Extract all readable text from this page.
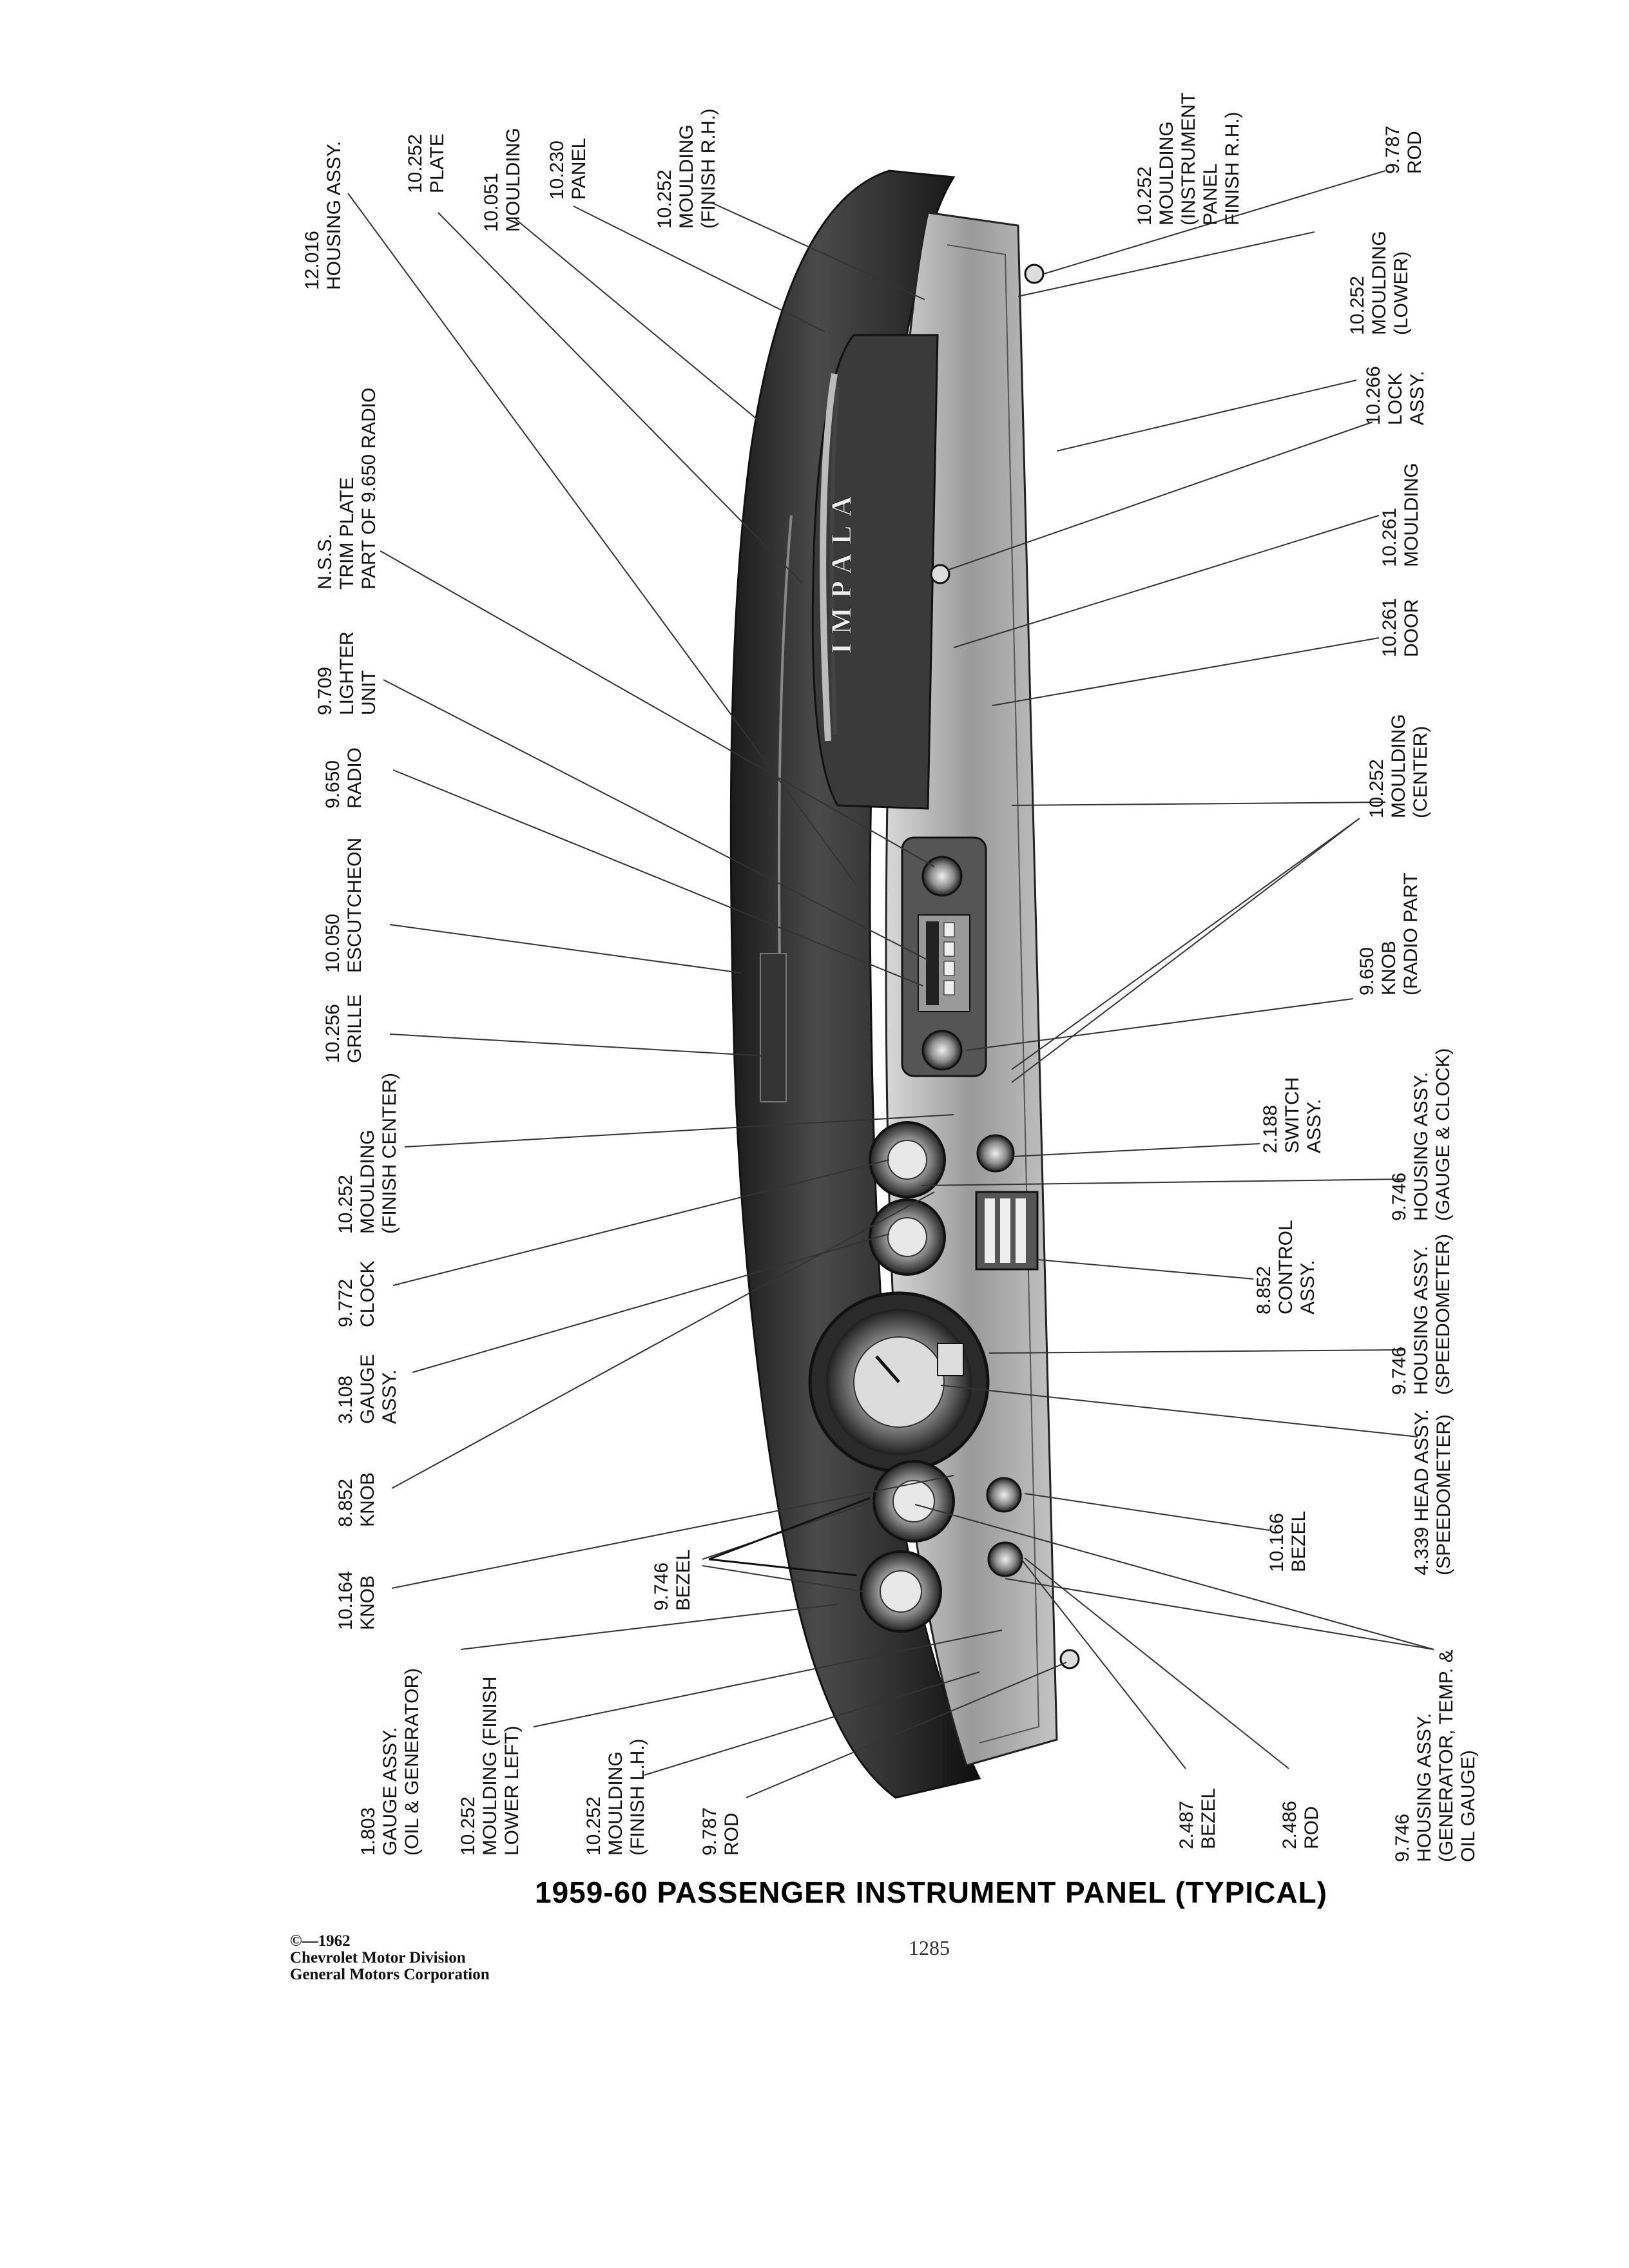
IMPALA
12.016 HOUSING ASSY.	10.252 PLATE
10.051 MOULDING 10.230 PANEL	10.252 MOULDING (FINISH R.H.)
N.S.S. TRIM PLATE PART OF 9.650 RADIO
9.709 LIGHTER UNIT
9.650 RADIO
10.050 ESCUTCHEON
10.256 GRILLE
10.252 MOULDING (FINISH CENTER)
9.772 CLOCK
3.108 GAUGE ASSY.
8.852 KNOB
10.164 KNOB	9.746 BEZEL
1.803 GAUGE ASSY. (OIL & GENERATOR) 10.252 MOULDING (FINISH LOWER LEFT)	10.252 MOULDING (FINISH L.H.)	9.787 ROD
10.252 MOULDING (INSTRUMENT PANEL FINISH R.H.)	9.787 ROD
10.252 MOULDING (LOWER)
10.266 LOCK ASSY.
10.261 MOULDING
10.261 DOOR
10.252 MOULDING (CENTER)
9.650 KNOB (RADIO PART
2.188 SWITCH ASSY.
9.746 HOUSING ASSY. (GAUGE & CLOCK)
8.852 CONTROL ASSY.
9.746 HOUSING ASSY. (SPEEDOMETER)
4.339 HEAD ASSY. (SPEEDOMETER)
10.166 BEZEL
2.487 BEZEL	2.486 ROD	9.746 HOUSING ASSY. (GENERATOR, TEMP. & OIL GAUGE)
1959-60 PASSENGER INSTRUMENT PANEL (TYPICAL)
©—1962
Chevrolet Motor Division
General Motors Corporation
1285
